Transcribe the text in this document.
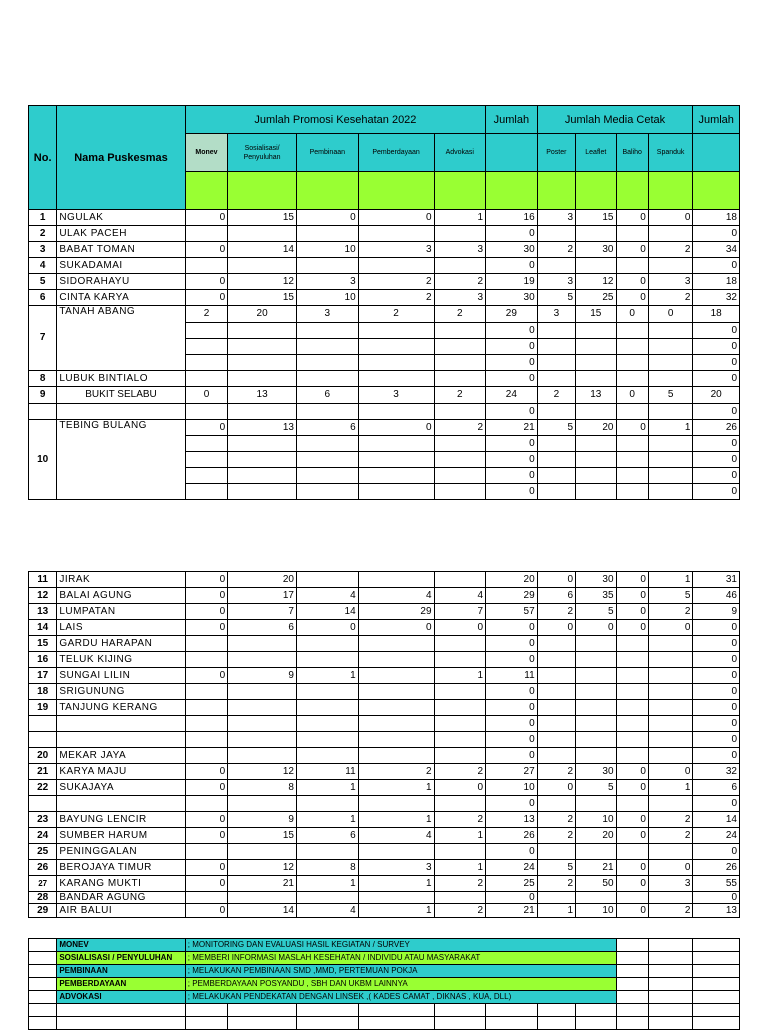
No.	Nama Puskesmas	Jumlah Promosi Kesehatan 2022					Jumlah	Jumlah Media Cetak				Jumlah
		Monev	Sosialisasi/ Penyuluhan	Pembinaan	Pemberdayaan	Advokasi		Poster	Leaflet	Baliho	Spanduk	

1	NGULAK	0	15	0	0	1	16	3	15	0	0	18
2	ULAK PACEH						0					0
3	BABAT TOMAN	0	14	10	3	3	30	2	30	0	2	34
4	SUKADAMAI						0					0
5	SIDORAHAYU	0	12	3	2	2	19	3	12	0	3	18
6	CINTA KARYA	0	15	10	2	3	30	5	25	0	2	32
7	TANAH ABANG	2	20	3	2	2	29	3	15	0	0	18
							0					0
							0					0
							0					0
8	LUBUK BINTIALO						0					0
9	BUKIT SELABU	0	13	6	3	2	24	2	13	0	5	20
							0					0
10	TEBING BULANG	0	13	6	0	2	21	5	20	0	1	26
							0					0
							0					0
							0					0
							0					0
11	JIRAK	0	20				20	0	30	0	1	31
12	BALAI AGUNG	0	17	4	4	4	29	6	35	0	5	46
13	LUMPATAN	0	7	14	29	7	57	2	5	0	2	9
14	LAIS	0	6	0	0	0	0	0	0	0	0	0
15	GARDU HARAPAN						0					0
16	TELUK KIJING						0					0
17	SUNGAI LILIN	0	9	1		1	11					0
18	SRIGUNUNG						0					0
19	TANJUNG KERANG						0					0
							0					0
							0					0
20	MEKAR JAYA						0					0
21	KARYA MAJU	0	12	11	2	2	27	2	30	0	0	32
22	SUKAJAYA	0	8	1	1	0	10	0	5	0	1	6
							0					0
23	BAYUNG LENCIR	0	9	1	1	2	13	2	10	0	2	14
24	SUMBER HARUM	0	15	6	4	1	26	2	20	0	2	24
25	PENINGGALAN						0					0
26	BEROJAYA TIMUR	0	12	8	3	1	24	5	21	0	0	26
27	KARANG MUKTI	0	21	1	1	2	25	2	50	0	3	55
28	BANDAR AGUNG						0					0
29	AIR BALUI	0	14	4	1	2	21	1	10	0	2	13
	MONEV	; MONITORING DAN EVALUASI HASIL KEGIATAN / SURVEY										
	SOSIALISASI / PENYULUHAN	; MEMBERI INFORMASI MASLAH KESEHATAN / INDIVIDU ATAU MASYARAKAT										
	PEMBINAAN	; MELAKUKAN PEMBINAAN SMD ,MMD, PERTEMUAN POKJA										
	PEMBERDAYAAN	; PEMBERDAYAAN POSYANDU , SBH DAN UKBM LAINNYA										
	ADVOKASI	; MELAKUKAN PENDEKATAN DENGAN LINSEK ,( KADES CAMAT , DIKNAS , KUA, DLL)										
